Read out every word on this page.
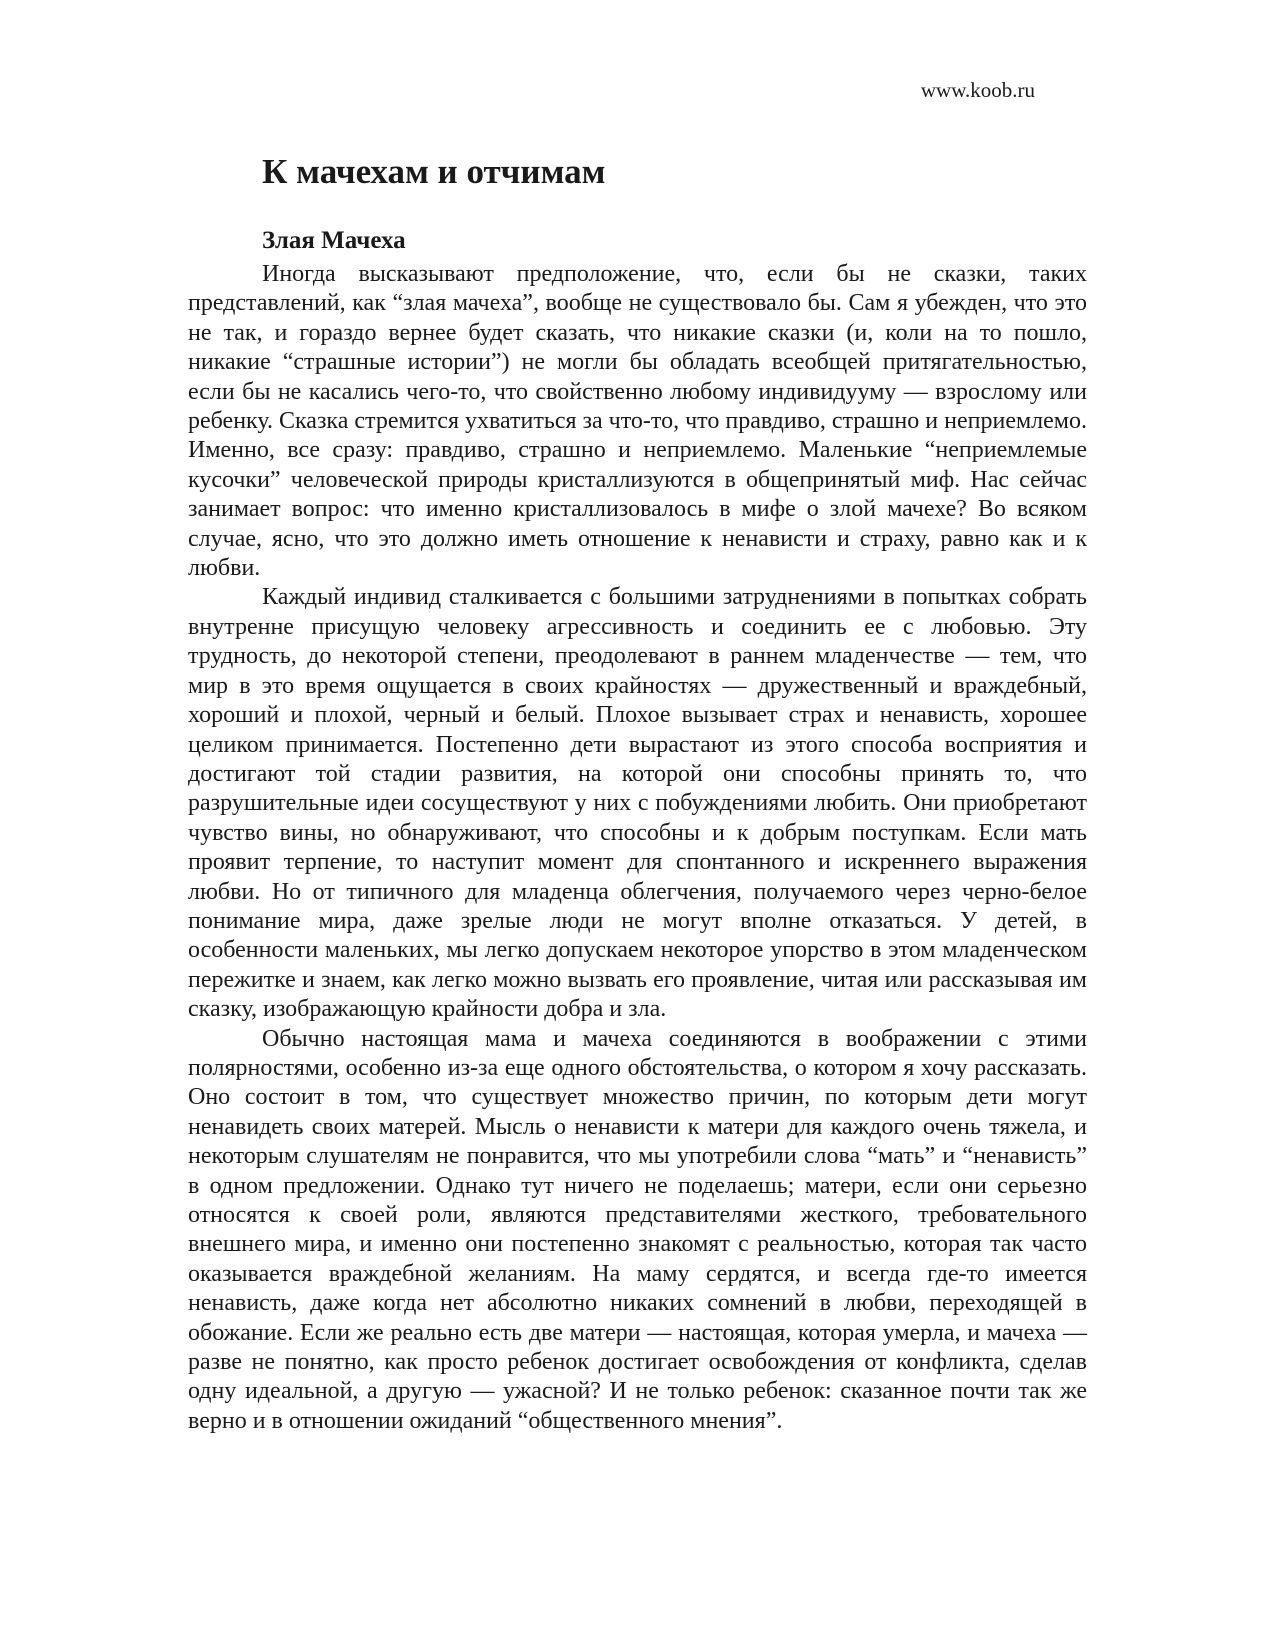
www.koob.ru

К мачехам и отчимам
Злая Мачеха

Иногда высказывают предположение, что, если бы не сказки, таких представлений, как “злая мачеха”, вообще не существовало бы. Сам я убежден, что это не так, и гораздо вернее будет сказать, что никакие сказки (и, коли на то пошло, никакие “страшные истории”) не могли бы обладать всеобщей притягательностью, если бы не касались чего-то, что свойственно любому индивидууму — взрослому или ребенку. Сказка стремится ухватиться за что-то, что правдиво, страшно и неприемлемо. Именно, все сразу: правдиво, страшно и неприемлемо. Маленькие “неприемлемые кусочки” человеческой природы кристаллизуются в общепринятый миф. Нас сейчас занимает вопрос: что именно кристаллизовалось в мифе о злой мачехе? Во всяком случае, ясно, что это должно иметь отношение к ненависти и страху, равно как и к любви.

Каждый индивид сталкивается с большими затруднениями в попытках собрать внутренне присущую человеку агрессивность и соединить ее с любовью. Эту трудность, до некоторой степени, преодолевают в раннем младенчестве — тем, что мир в это время ощущается в своих крайностях — дружественный и враждебный, хороший и плохой, черный и белый. Плохое вызывает страх и ненависть, хорошее целиком принимается. Постепенно дети вырастают из этого способа восприятия и достигают той стадии развития, на которой они способны принять то, что разрушительные идеи сосуществуют у них с побуждениями любить. Они приобретают чувство вины, но обнаруживают, что способны и к добрым поступкам. Если мать проявит терпение, то наступит момент для спонтанного и искреннего выражения любви. Но от типичного для младенца облегчения, получаемого через черно-белое понимание мира, даже зрелые люди не могут вполне отказаться. У детей, в особенности маленьких, мы легко допускаем некоторое упорство в этом младенческом пережитке и знаем, как легко можно вызвать его проявление, читая или рассказывая им сказку, изображающую крайности добра и зла.

Обычно настоящая мама и мачеха соединяются в воображении с этими полярностями, особенно из-за еще одного обстоятельства, о котором я хочу рассказать. Оно состоит в том, что существует множество причин, по которым дети могут ненавидеть своих матерей. Мысль о ненависти к матери для каждого очень тяжела, и некоторым слушателям не понравится, что мы употребили слова “мать” и “ненависть” в одном предложении. Однако тут ничего не поделаешь; матери, если они серьезно относятся к своей роли, являются представителями жесткого, требовательного внешнего мира, и именно они постепенно знакомят с реальностью, которая так часто оказывается враждебной желаниям. На маму сердятся, и всегда где-то имеется ненависть, даже когда нет абсолютно никаких сомнений в любви, переходящей в обожание. Если же реально есть две матери — настоящая, которая умерла, и мачеха — разве не понятно, как просто ребенок достигает освобождения от конфликта, сделав одну идеальной, а другую — ужасной? И не только ребенок: сказанное почти так же верно и в отношении ожиданий “общественного мнения”.
